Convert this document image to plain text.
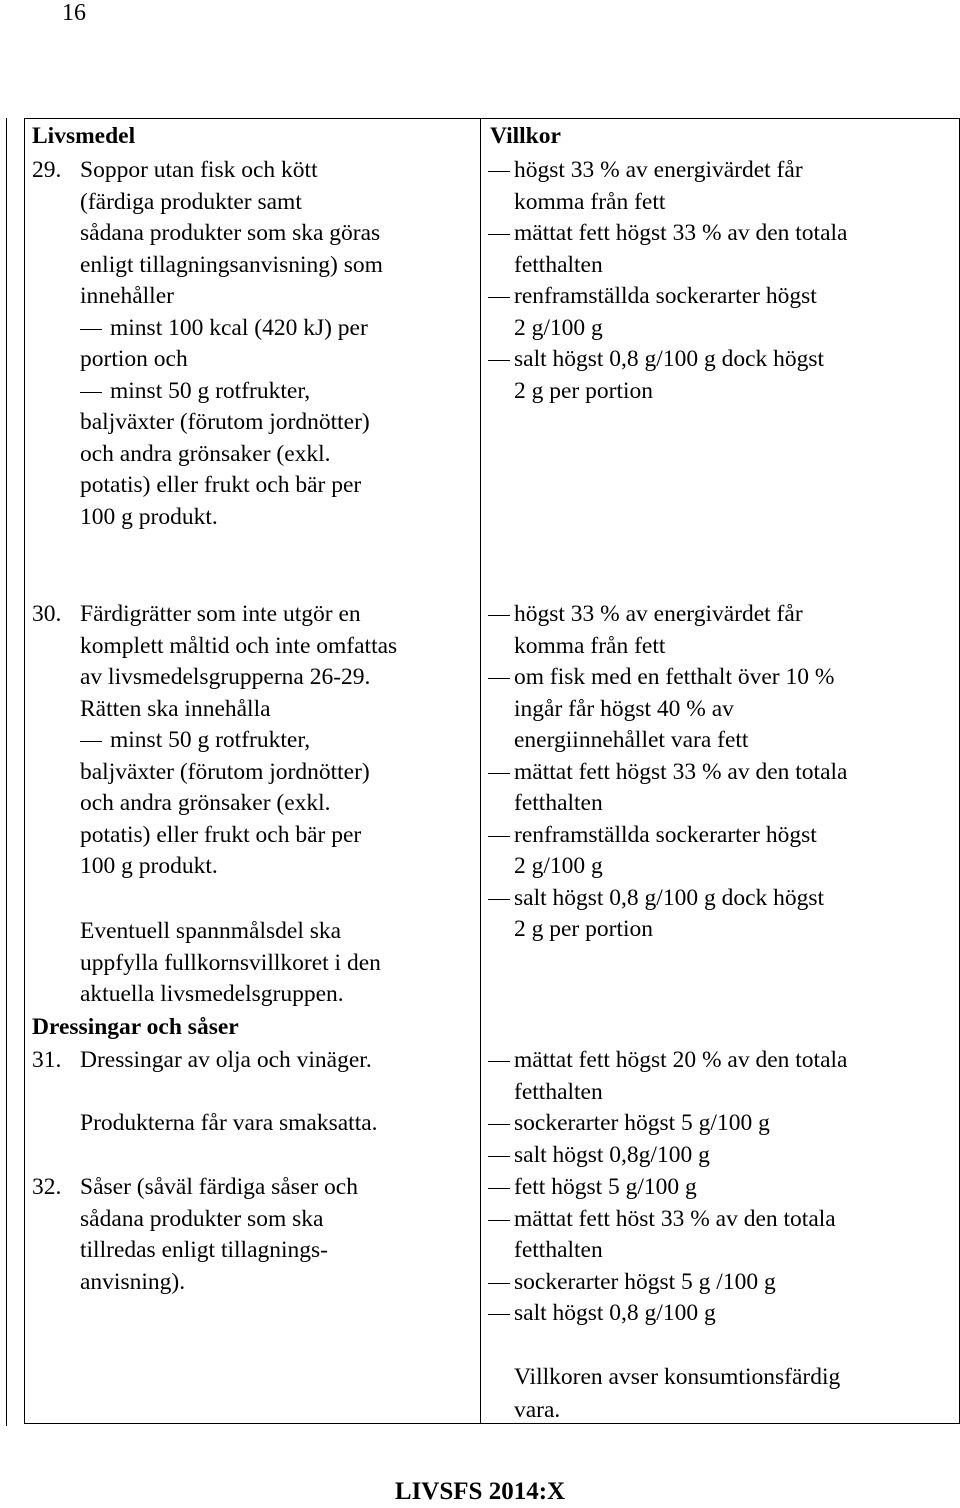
16
Livsmedel	Villkor
29. Soppor utan fisk och kött
(färdiga produkter samt
sådana produkter som ska göras
enligt tillagningsanvisning) som
innehåller
minst 100 kcal (420 kJ) per
portion och
minst 50 g rotfrukter,
baljväxter (förutom jordnötter)
och andra grönsaker (exkl.
potatis) eller frukt och bär per
100 g produkt.
högst 33 % av energivärdet får
komma från fett
mättat fett högst 33 % av den totala
fetthalten
renframställda sockerarter högst
2 g/100 g
salt högst 0,8 g/100 g dock högst
2 g per portion
30. Färdigrätter som inte utgör en
komplett måltid och inte omfattas
av livsmedelsgrupperna 26-29.
Rätten ska innehålla
minst 50 g rotfrukter,
baljväxter (förutom jordnötter)
och andra grönsaker (exkl.
potatis) eller frukt och bär per
100 g produkt.
Eventuell spannmålsdel ska
uppfylla fullkornsvillkoret i den
aktuella livsmedelsgruppen.
högst 33 % av energivärdet får
komma från fett
om fisk med en fetthalt över 10 %
ingår får högst 40 % av
energiinnehållet vara fett
mättat fett högst 33 % av den totala
fetthalten
renframställda sockerarter högst
2 g/100 g
salt högst 0,8 g/100 g dock högst
2 g per portion
Dressingar och såser
31. Dressingar av olja och vinäger.
Produkterna får vara smaksatta.
mättat fett högst 20 % av den totala
fetthalten
sockerarter högst 5 g/100 g
salt högst 0,8g/100 g
32. Såser (såväl färdiga såser och
sådana produkter som ska
tillredas enligt tillagnings-
anvisning).
fett högst 5 g/100 g
mättat fett höst 33 % av den totala
fetthalten
sockerarter högst 5 g /100 g
salt högst 0,8 g/100 g
Villkoren avser konsumtionsfärdig
vara.
LIVSFS 2014:X
